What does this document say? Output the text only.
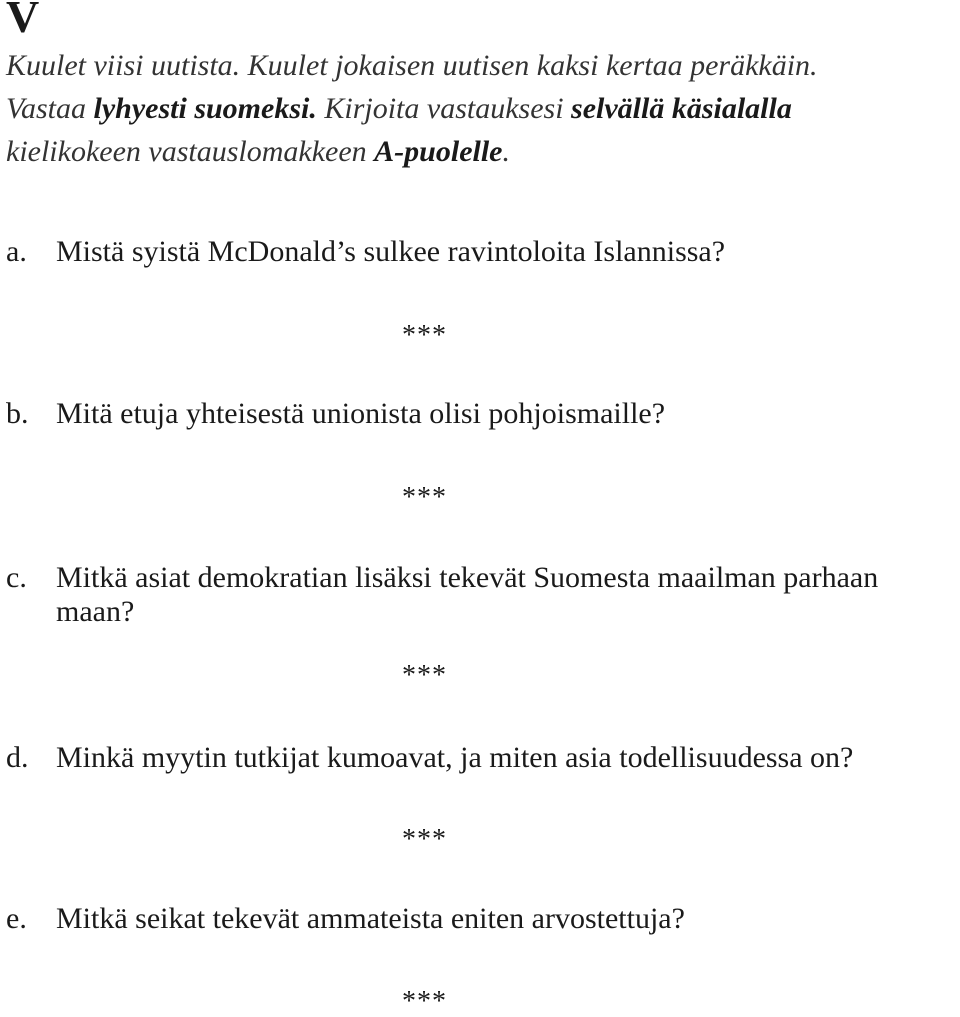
V

Kuulet viisi uutista. Kuulet jokaisen uutisen kaksi kertaa peräkkäin.
Vastaa lyhyesti suomeksi. Kirjoita vastauksesi selvällä käsialalla
kielikokeen vastauslomakkeen A-puolelle.

a. Mistä syistä McDonald’s sulkee ravintoloita Islannissa?
***
b. Mitä etuja yhteisestä unionista olisi pohjoismaille?
***
c. Mitkä asiat demokratian lisäksi tekevät Suomesta maailman parhaan maan?
***
d. Minkä myytin tutkijat kumoavat, ja miten asia todellisuudessa on?
***
e. Mitkä seikat tekevät ammateista eniten arvostettuja?
***
